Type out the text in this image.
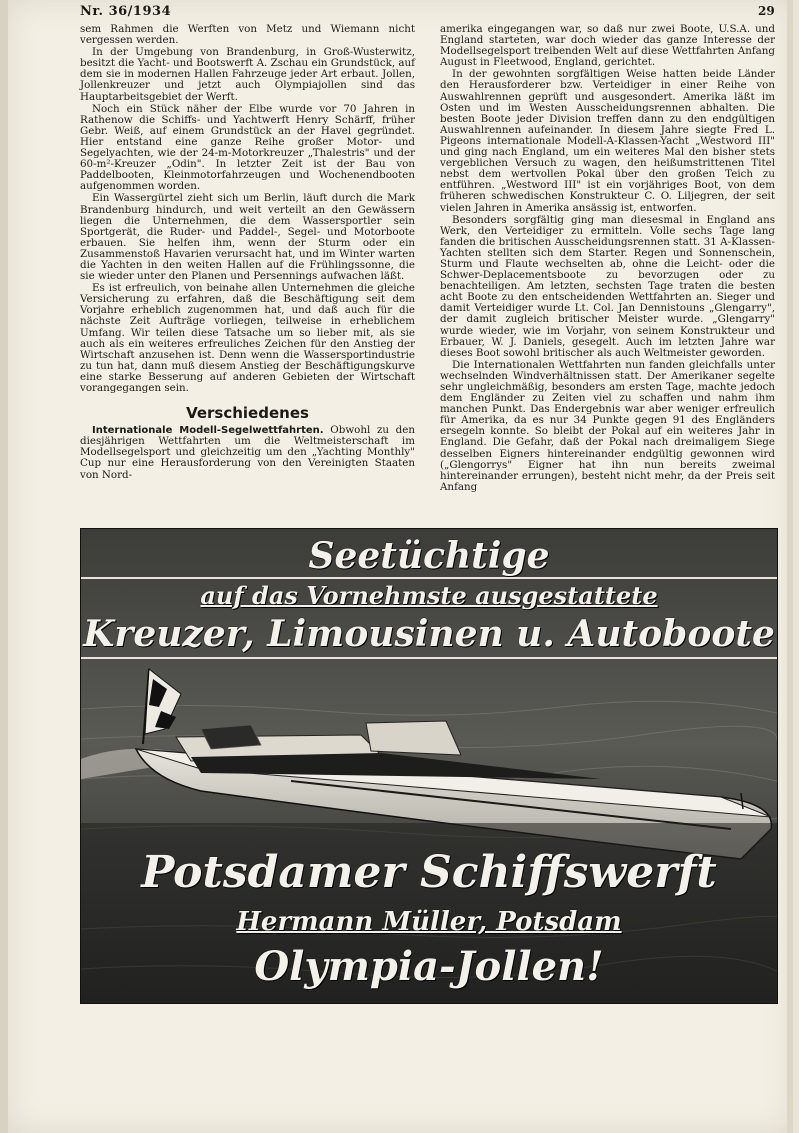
Nr. 36/1934	29

sem Rahmen die Werften von Metz und Wiemann nicht vergessen werden.

In der Umgebung von Brandenburg, in Groß-Wusterwitz, besitzt die Yacht- und Bootswerft A. Zschau ein Grundstück, auf dem sie in modernen Hallen Fahrzeuge jeder Art erbaut. Jollen, Jollenkreuzer und jetzt auch Olympiajollen sind das Hauptarbeitsgebiet der Werft.

Noch ein Stück näher der Elbe wurde vor 70 Jahren in Rathenow die Schiffs- und Yachtwerft Henry Schärff, früher Gebr. Weiß, auf einem Grundstück an der Havel gegründet. Hier entstand eine ganze Reihe großer Motor- und Segelyachten, wie der 24-m-Motorkreuzer „Thalestris" und der 60-m²-Kreuzer „Odin". In letzter Zeit ist der Bau von Paddelbooten, Kleinmotorfahrzeugen und Wochenendbooten aufgenommen worden.

Ein Wassergürtel zieht sich um Berlin, läuft durch die Mark Brandenburg hindurch, und weit verteilt an den Gewässern liegen die Unternehmen, die dem Wassersportler sein Sportgerät, die Ruder- und Paddel-, Segel- und Motorboote erbauen. Sie helfen ihm, wenn der Sturm oder ein Zusammenstoß Havarien verursacht hat, und im Winter warten die Yachten in den weiten Hallen auf die Frühlingssonne, die sie wieder unter den Planen und Persennings aufwachen läßt.

Es ist erfreulich, von beinahe allen Unternehmen die gleiche Versicherung zu erfahren, daß die Beschäftigung seit dem Vorjahre erheblich zugenommen hat, und daß auch für die nächste Zeit Aufträge vorliegen, teilweise in erheblichem Umfang. Wir teilen diese Tatsache um so lieber mit, als sie auch als ein weiteres erfreuliches Zeichen für den Anstieg der Wirtschaft anzusehen ist. Denn wenn die Wassersportindustrie zu tun hat, dann muß diesem Anstieg der Beschäftigungskurve eine starke Besserung auf anderen Gebieten der Wirtschaft vorangegangen sein.

Verschiedenes

Internationale Modell-Segelwettfahrten. Obwohl zu den diesjährigen Wettfahrten um die Weltmeisterschaft im Modellsegelsport und gleichzeitig um den „Yachting Monthly" Cup nur eine Herausforderung von den Vereinigten Staaten von Nord-

amerika eingegangen war, so daß nur zwei Boote, U.S.A. und England starteten, war doch wieder das ganze Interesse der Modellsegelsport treibenden Welt auf diese Wettfahrten Anfang August in Fleetwood, England, gerichtet.

In der gewohnten sorgfältigen Weise hatten beide Länder den Herausforderer bzw. Verteidiger in einer Reihe von Auswahlrennen geprüft und ausgesondert. Amerika läßt im Osten und im Westen Ausscheidungsrennen abhalten. Die besten Boote jeder Division treffen dann zu den endgültigen Auswahlrennen aufeinander. In diesem Jahre siegte Fred L. Pigeons internationale Modell-A-Klassen-Yacht „Westword III" und ging nach England, um ein weiteres Mal den bisher stets vergeblichen Versuch zu wagen, den heißumstrittenen Titel nebst dem wertvollen Pokal über den großen Teich zu entführen. „Westword III" ist ein vorjähriges Boot, von dem früheren schwedischen Konstrukteur C. O. Liljegren, der seit vielen Jahren in Amerika ansässig ist, entworfen.

Besonders sorgfältig ging man diesesmal in England ans Werk, den Verteidiger zu ermitteln. Volle sechs Tage lang fanden die britischen Ausscheidungsrennen statt. 31 A-Klassen-Yachten stellten sich dem Starter. Regen und Sonnenschein, Sturm und Flaute wechselten ab, ohne die Leicht- oder die Schwer-Deplacementsboote zu bevorzugen oder zu benachteiligen. Am letzten, sechsten Tage traten die besten acht Boote zu den entscheidenden Wettfahrten an. Sieger und damit Verteidiger wurde Lt. Col. Jan Dennistouns „Glengarry", der damit zugleich britischer Meister wurde. „Glengarry" wurde wieder, wie im Vorjahr, von seinem Konstrukteur und Erbauer, W. J. Daniels, gesegelt. Auch im letzten Jahre war dieses Boot sowohl britischer als auch Weltmeister geworden.

Die Internationalen Wettfahrten nun fanden gleichfalls unter wechselnden Windverhältnissen statt. Der Amerikaner segelte sehr ungleichmäßig, besonders am ersten Tage, machte jedoch dem Engländer zu Zeiten viel zu schaffen und nahm ihm manchen Punkt. Das Endergebnis war aber weniger erfreulich für Amerika, da es nur 34 Punkte gegen 91 des Engländers ersegeln konnte. So bleibt der Pokal auf ein weiteres Jahr in England. Die Gefahr, daß der Pokal nach dreimaligem Siege desselben Eigners hintereinander endgültig gewonnen wird („Glengorrys" Eigner hat ihn nun bereits zweimal hintereinander errungen), besteht nicht mehr, da der Preis seit Anfang

Seetüchtige
auf das Vornehmste ausgestattete
Kreuzer, Limousinen u. Autoboote
Potsdamer Schiffswerft
Hermann Müller, Potsdam
Olympia-Jollen!
